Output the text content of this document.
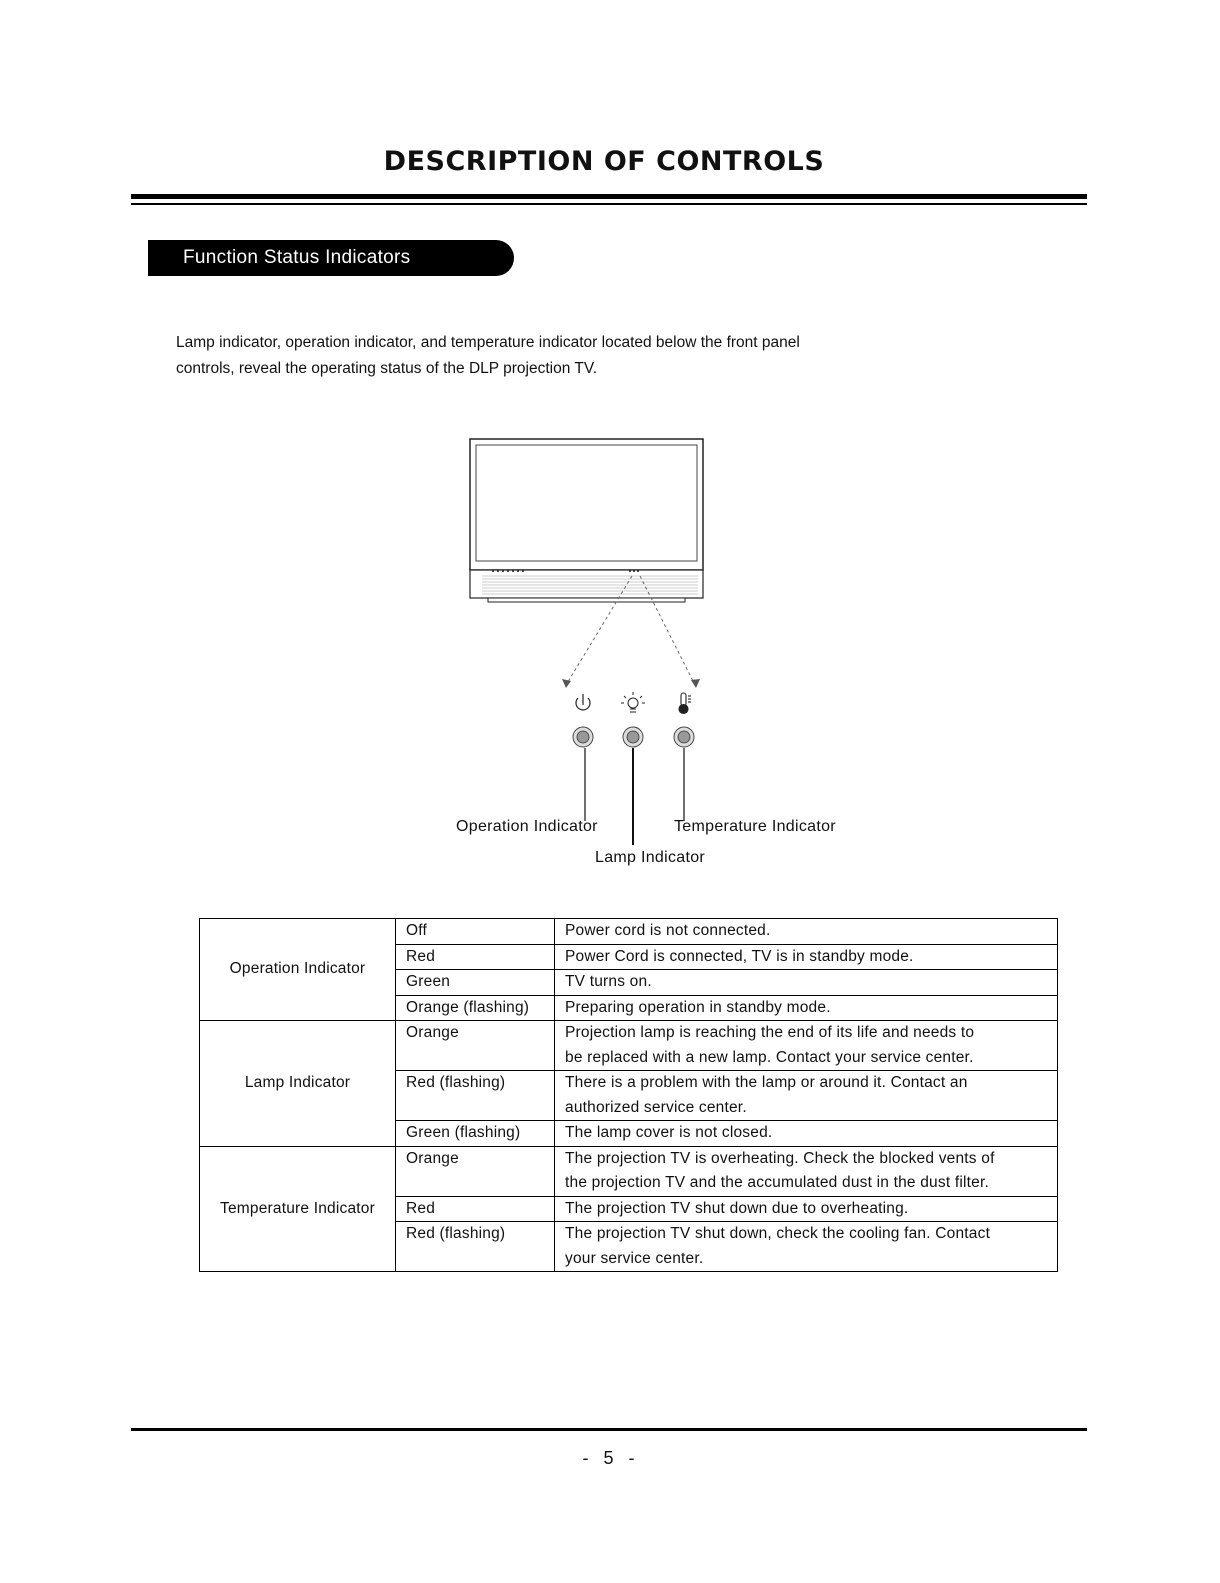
DESCRIPTION OF CONTROLS
Function Status Indicators
Lamp indicator, operation indicator, and temperature indicator located below the front panel
controls, reveal the operating status of the DLP projection TV.
Operation Indicator	Temperature Indicator
Lamp Indicator
Operation Indicator	Off	Power cord is not connected.
	Red	Power Cord is connected, TV is in standby mode.
	Green	TV turns on.
	Orange (flashing)	Preparing operation in standby mode.
Lamp Indicator	Orange	Projection lamp is reaching the end of its life and needs to
be replaced with a new lamp. Contact your service center.

	Red (flashing)	There is a problem with the lamp or around it. Contact an
authorized service center.

	Green (flashing)	The lamp cover is not closed.
Temperature Indicator	Orange	The projection TV is overheating. Check the blocked vents of
the projection TV and the accumulated dust in the dust filter.

	Red	The projection TV shut down due to overheating.
	Red (flashing)	The projection TV shut down, check the cooling fan. Contact
your service center.
- 5 -
